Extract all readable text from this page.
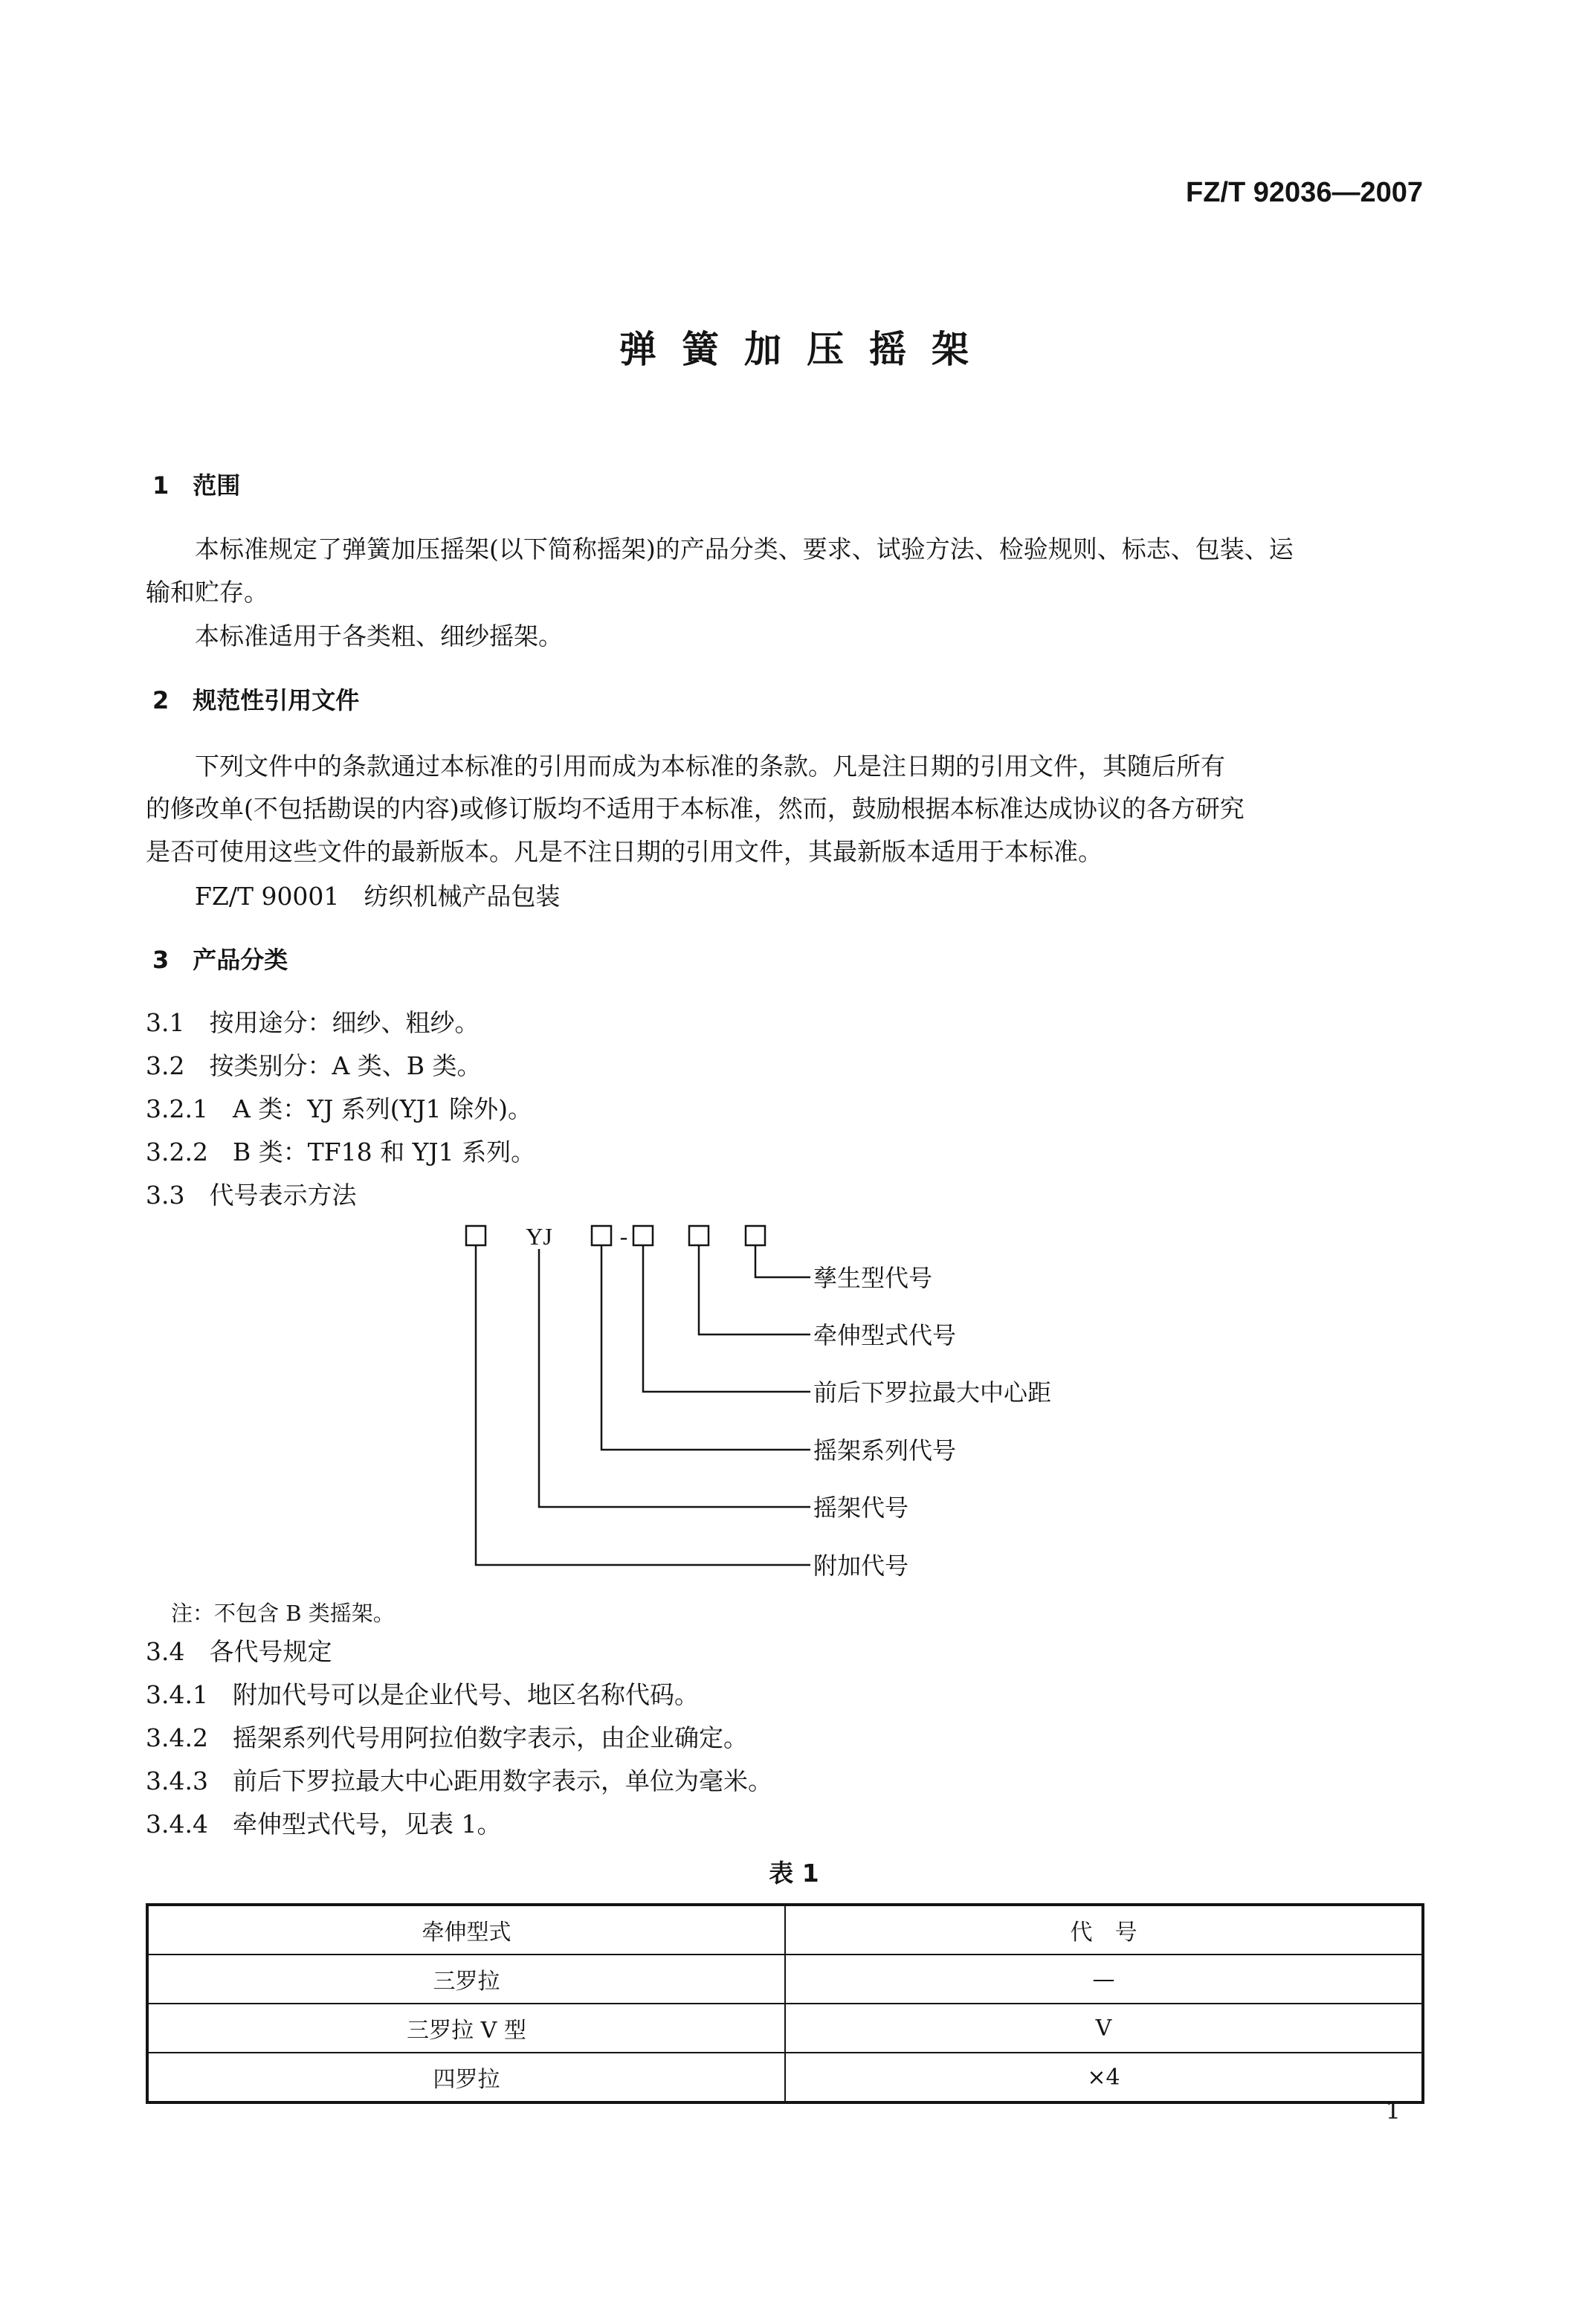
FZ/T 92036—2007
弹簧加压摇架
1　范围
本标准规定了弹簧加压摇架(以下简称摇架)的产品分类、要求、试验方法、检验规则、标志、包装、运
输和贮存。
本标准适用于各类粗、细纱摇架。
2　规范性引用文件
下列文件中的条款通过本标准的引用而成为本标准的条款。凡是注日期的引用文件，其随后所有
的修改单(不包括勘误的内容)或修订版均不适用于本标准，然而，鼓励根据本标准达成协议的各方研究
是否可使用这些文件的最新版本。凡是不注日期的引用文件，其最新版本适用于本标准。
FZ/T 90001　纺织机械产品包装
3　产品分类
3.1　按用途分：细纱、粗纱。
3.2　按类别分：A 类、B 类。
3.2.1　A 类：YJ 系列(YJ1 除外)。
3.2.2　B 类：TF18 和 YJ1 系列。
3.3　代号表示方法
YJ	-
孳生型代号
牵伸型式代号
前后下罗拉最大中心距
摇架系列代号
摇架代号
附加代号
注：不包含 B 类摇架。
3.4　各代号规定
3.4.1　附加代号可以是企业代号、地区名称代码。
3.4.2　摇架系列代号用阿拉伯数字表示，由企业确定。
3.4.3　前后下罗拉最大中心距用数字表示，单位为毫米。
3.4.4　牵伸型式代号，见表 1。
表 1
牵伸型式	代　号
三罗拉	—
三罗拉 V 型	V
四罗拉	×4
1
